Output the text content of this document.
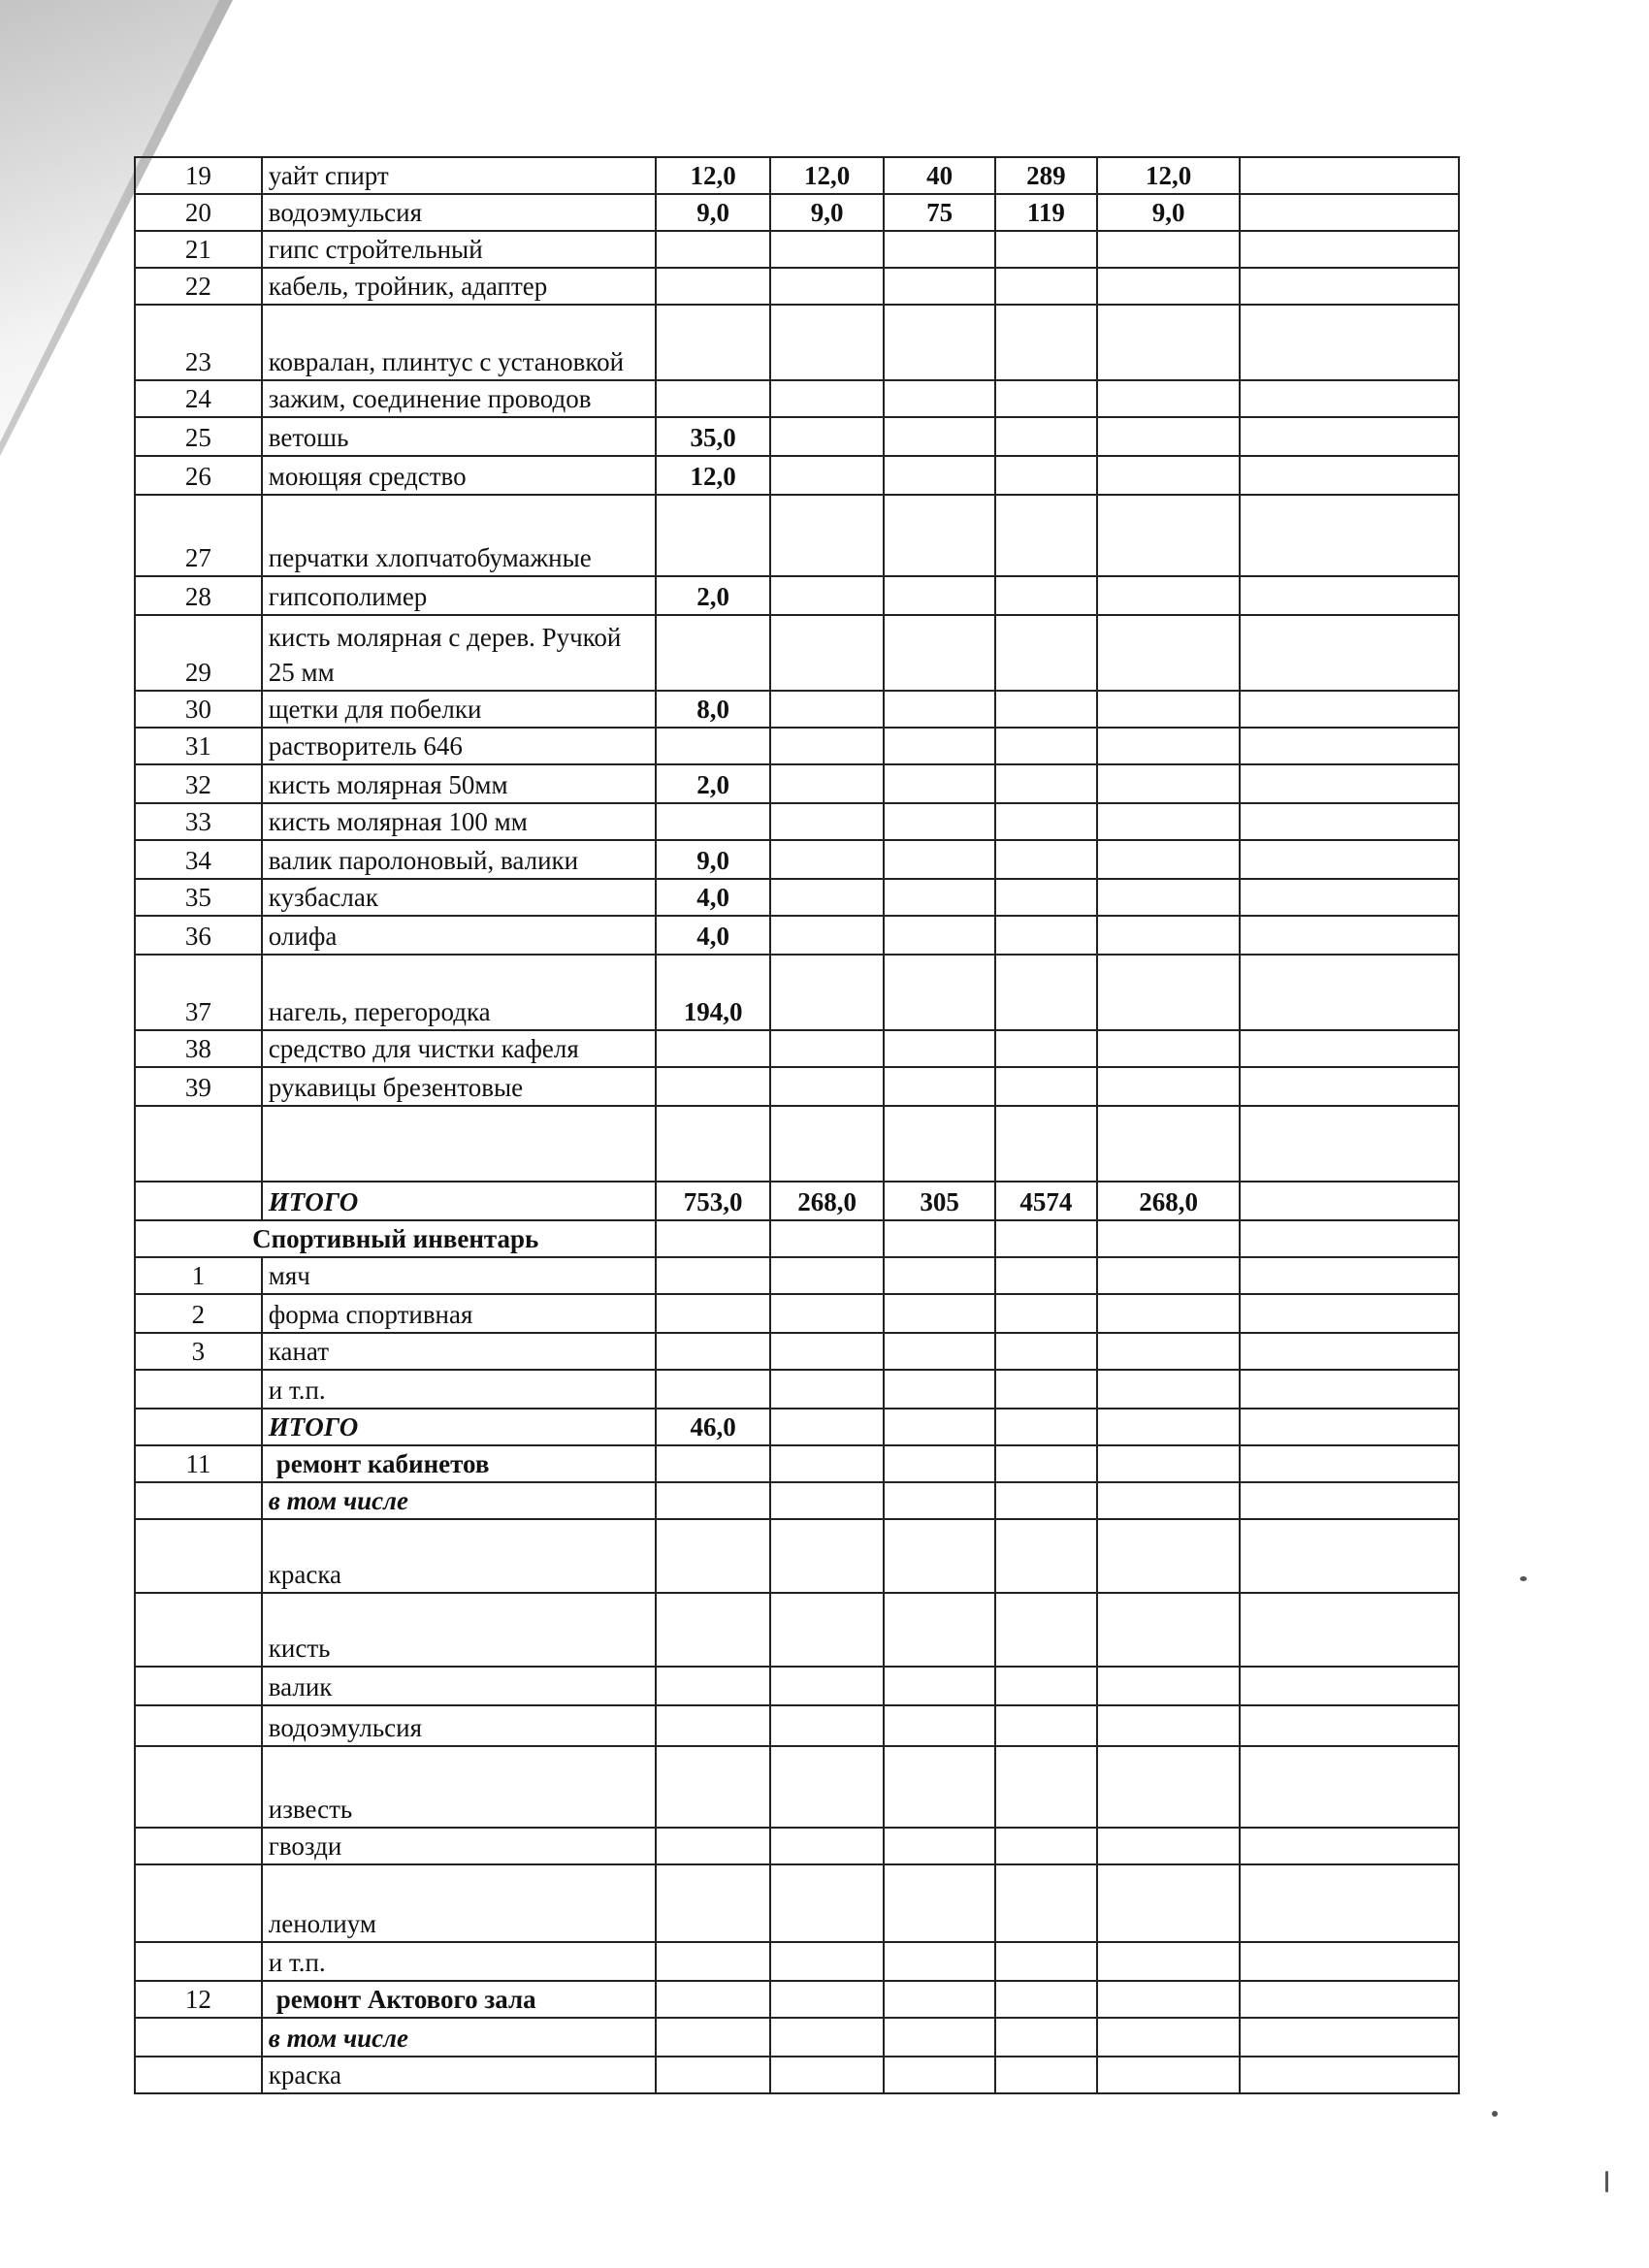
19	уайт спирт	12,0	12,0	40	289	12,0	
20	водоэмульсия	9,0	9,0	75	119	9,0	
21	гипс стройтельный						
22	кабель, тройник, адаптер						
23	ковралан, плинтус с установкой						
24	зажим, соединение проводов						
25	ветошь	35,0					
26	моющяя средство	12,0					
27	перчатки хлопчатобумажные						
28	гипсополимер	2,0					
29	кисть молярная с дерев. Ручкой 25 мм						
30	щетки для побелки	8,0					
31	растворитель 646						
32	кисть молярная 50мм	2,0					
33	кисть молярная 100 мм						
34	валик паролоновый, валики	9,0					
35	кузбаслак	4,0					
36	олифа	4,0					
37	нагель, перегородка	194,0					
38	средство для чистки кафеля						
39	рукавицы брезентовые						

	ИТОГО	753,0	268,0	305	4574	268,0	
Спортивный инвентарь							
1	мяч						
2	форма спортивная						
3	канат						
	и т.п.						
	ИТОГО	46,0					
11	ремонт кабинетов						
	в том числе						
	краска						
	кисть						
	валик						
	водоэмульсия						
	известь						
	гвозди						
	ленолиум						
	и т.п.						
12	ремонт Актового зала						
	в том числе						
	краска						
